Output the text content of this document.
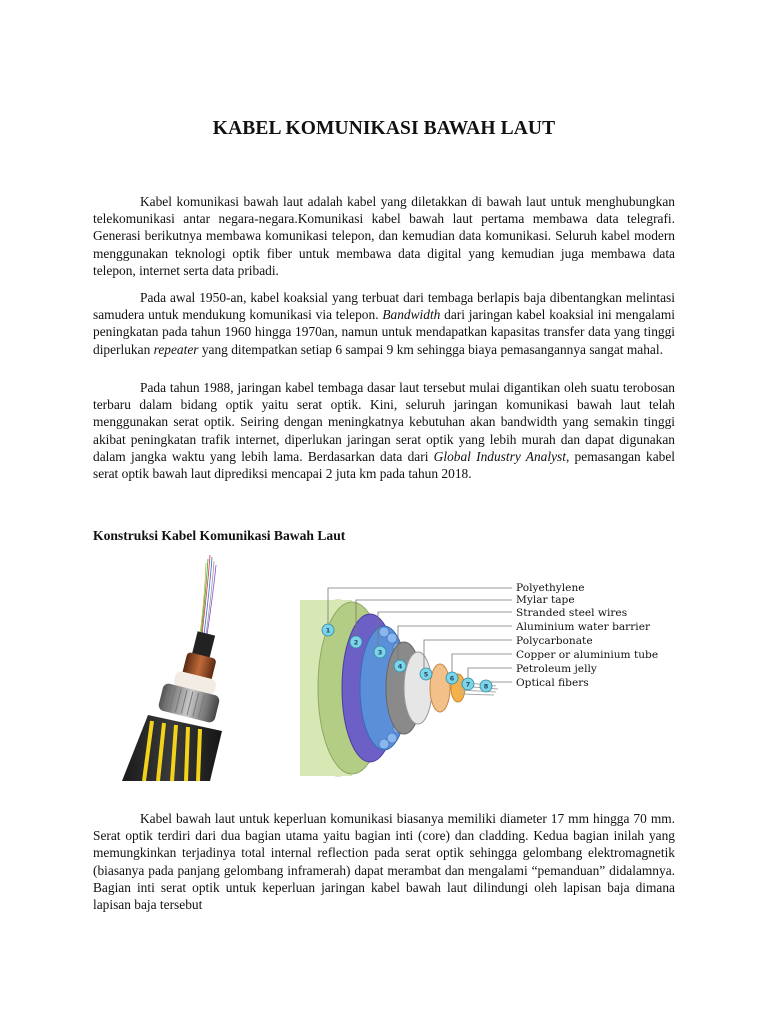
KABEL KOMUNIKASI BAWAH LAUT

Kabel komunikasi bawah laut adalah kabel yang diletakkan di bawah laut untuk menghubungkan telekomunikasi antar negara-negara.Komunikasi kabel bawah laut pertama membawa data telegrafi. Generasi berikutnya membawa komunikasi telepon, dan kemudian data komunikasi. Seluruh kabel modern menggunakan teknologi optik fiber untuk membawa data digital yang kemudian juga membawa data telepon, internet serta data pribadi.

Pada awal 1950-an, kabel koaksial yang terbuat dari tembaga berlapis baja dibentangkan melintasi samudera untuk mendukung komunikasi via telepon. Bandwidth dari jaringan kabel koaksial ini mengalami peningkatan pada tahun 1960 hingga 1970an, namun untuk mendapatkan kapasitas transfer data yang tinggi diperlukan repeater yang ditempatkan setiap 6 sampai 9 km sehingga biaya pemasangannya sangat mahal.

Pada tahun 1988, jaringan kabel tembaga dasar laut tersebut mulai digantikan oleh suatu terobosan terbaru dalam bidang optik yaitu serat optik. Kini, seluruh jaringan komunikasi bawah laut telah menggunakan serat optik. Seiring dengan meningkatnya kebutuhan akan bandwidth yang semakin tinggi akibat peningkatan trafik internet, diperlukan jaringan serat optik yang lebih murah dan dapat digunakan dalam jangka waktu yang lebih lama. Berdasarkan data dari Global Industry Analyst, pemasangan kabel serat optik bawah laut diprediksi mencapai 2 juta km pada tahun 2018.

Konstruksi Kabel Komunikasi Bawah Laut
1
2
3
4
5	6
7 8
Polyethylene
Mylar tape
Stranded steel wires
Aluminium water barrier
Polycarbonate
Copper or aluminium tube
Petroleum jelly
Optical fibers

Kabel bawah laut untuk keperluan komunikasi biasanya memiliki diameter 17 mm hingga 70 mm. Serat optik terdiri dari dua bagian utama yaitu bagian inti (core) dan cladding. Kedua bagian inilah yang memungkinkan terjadinya total internal reflection pada serat optik sehingga gelombang elektromagnetik (biasanya pada panjang gelombang inframerah) dapat merambat dan mengalami “pemanduan” didalamnya. Bagian inti serat optik untuk keperluan jaringan kabel bawah laut dilindungi oleh lapisan baja dimana lapisan baja tersebut
